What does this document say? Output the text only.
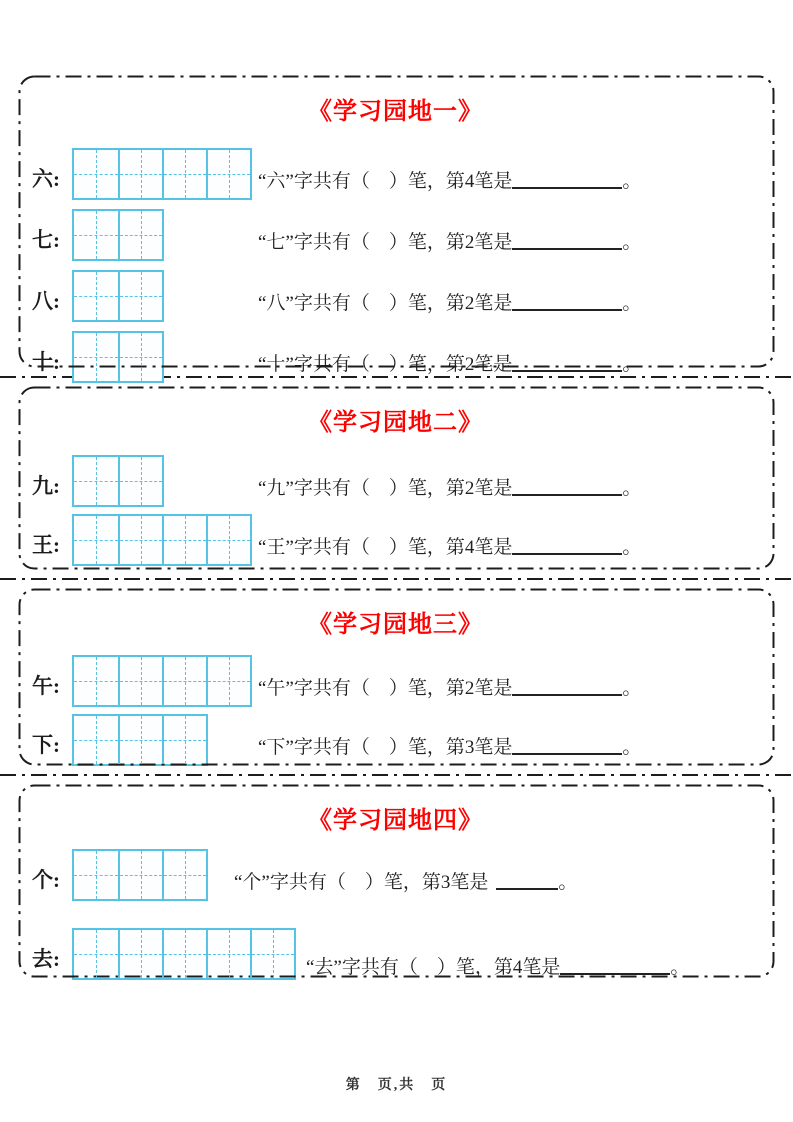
《学习园地一》
六:	“六”字共有（　）笔，第4笔是	。
七:	“七”字共有（　）笔，第2笔是	。
八:	“八”字共有（　）笔，第2笔是	。
十:	“十”字共有（　）笔，第2笔是	。
《学习园地二》
九:	“九”字共有（　）笔，第2笔是	。
王:	“王”字共有（　）笔，第4笔是	。
《学习园地三》
午:	“午”字共有（　）笔，第2笔是	。
下:	“下”字共有（　）笔，第3笔是	。
《学习园地四》
个:	“个”字共有（　）笔，第3笔是	。
去:	“去”字共有（　）笔，第4笔是	。
第　页,共　页
